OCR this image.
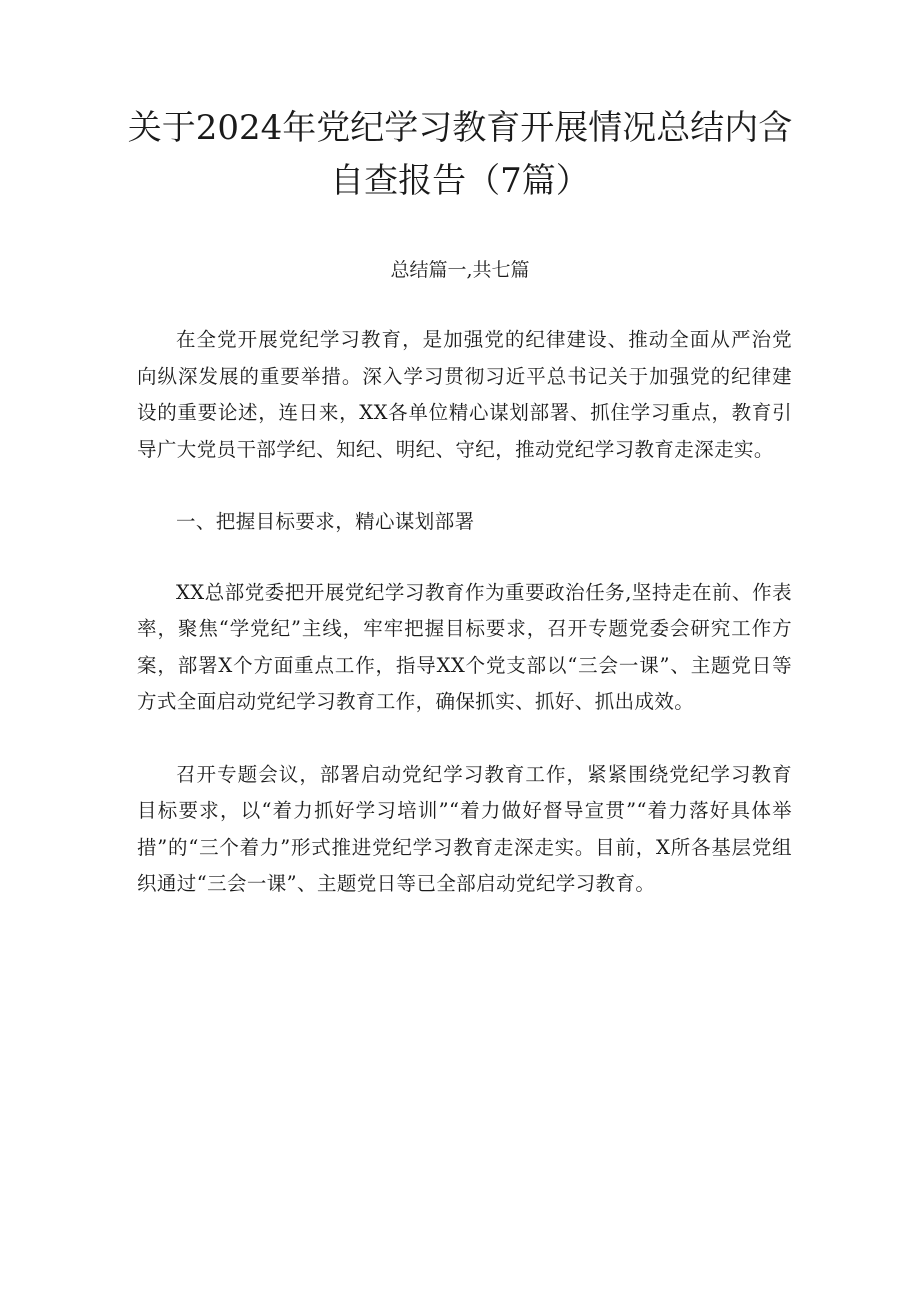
关于2024年党纪学习教育开展情况总结内含
自查报告（7篇）

总结篇一,共七篇

在全党开展党纪学习教育，是加强党的纪律建设、推动全面从严治党向纵深发展的重要举措。深入学习贯彻习近平总书记关于加强党的纪律建设的重要论述，连日来，XX各单位精心谋划部署、抓住学习重点，教育引导广大党员干部学纪、知纪、明纪、守纪，推动党纪学习教育走深走实。

一、把握目标要求，精心谋划部署

XX总部党委把开展党纪学习教育作为重要政治任务,坚持走在前、作表率，聚焦“学党纪”主线，牢牢把握目标要求，召开专题党委会研究工作方案，部署X个方面重点工作，指导XX个党支部以“三会一课”、主题党日等方式全面启动党纪学习教育工作，确保抓实、抓好、抓出成效。

召开专题会议，部署启动党纪学习教育工作，紧紧围绕党纪学习教育目标要求，以“着力抓好学习培训”“着力做好督导宣贯”“着力落好具体举措”的“三个着力”形式推进党纪学习教育走深走实。目前，X所各基层党组织通过“三会一课”、主题党日等已全部启动党纪学习教育。
